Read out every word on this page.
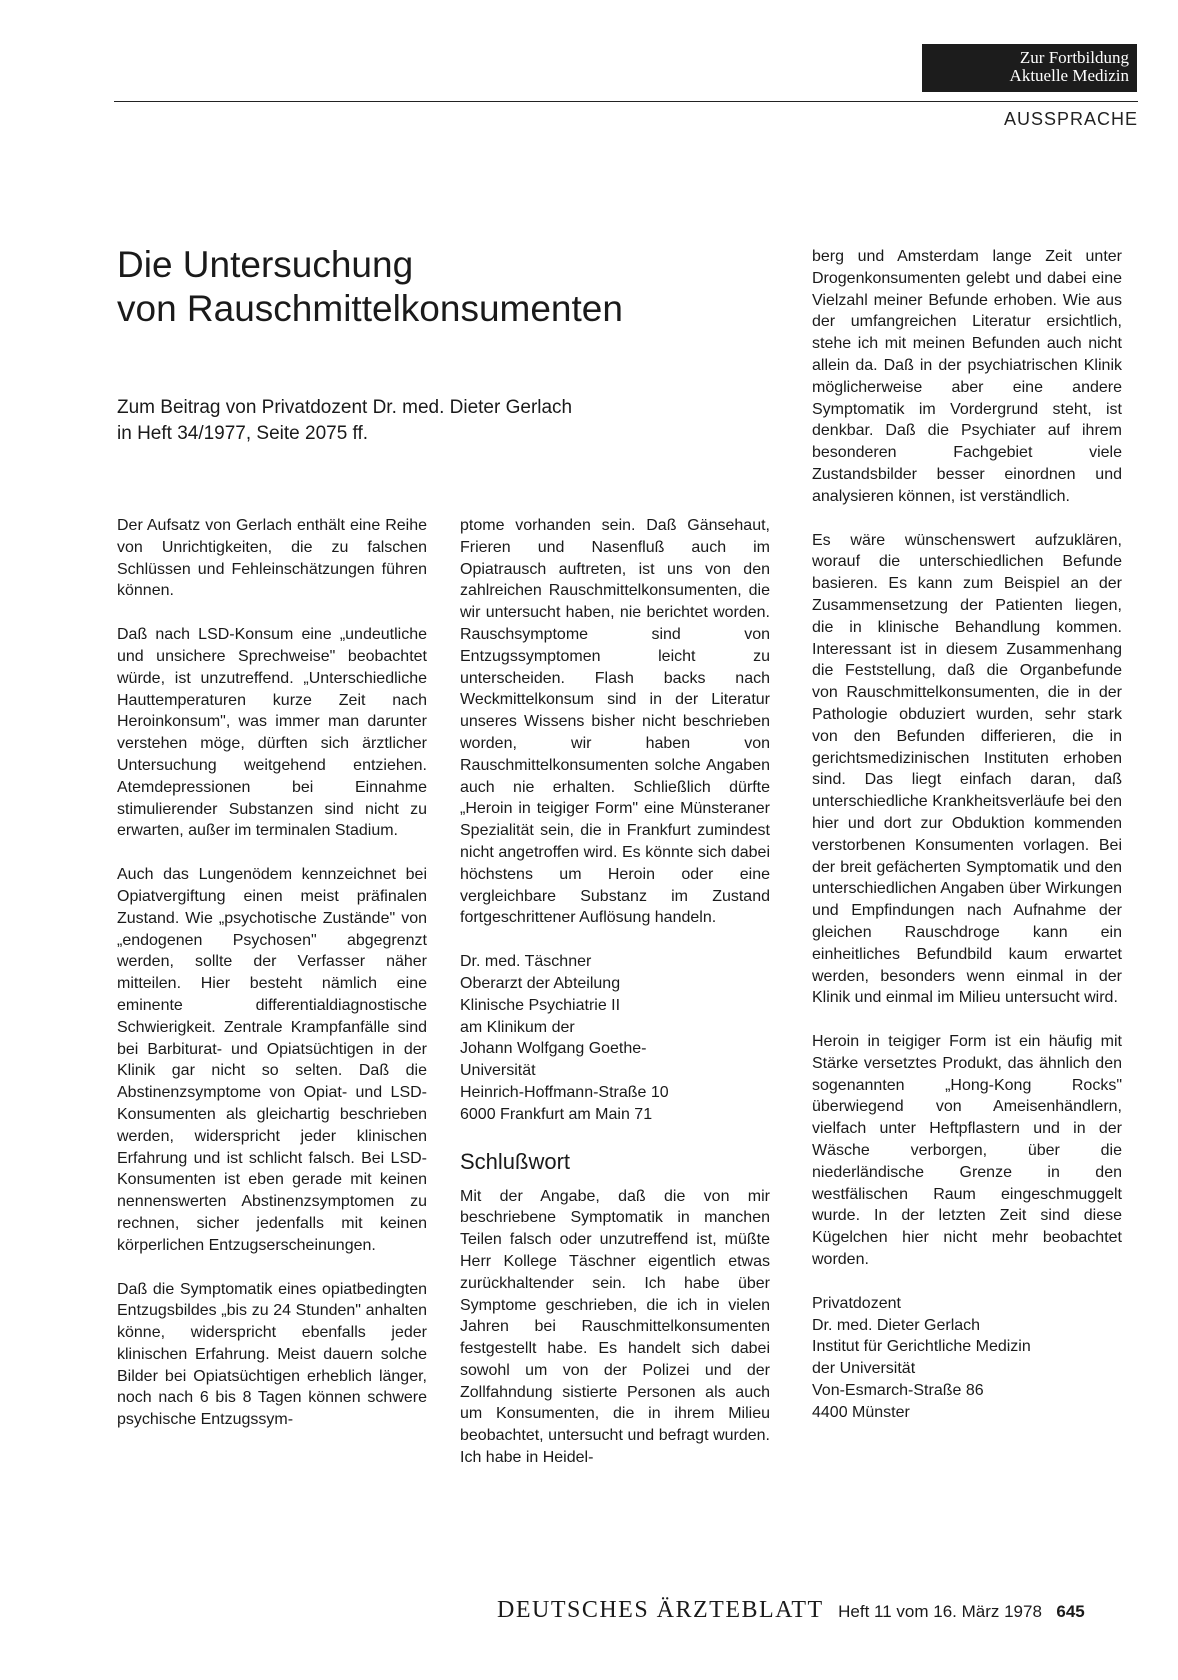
Zur Fortbildung
Aktuelle Medizin
AUSSPRACHE
Die Untersuchung
von Rauschmittelkonsumenten

Zum Beitrag von Privatdozent Dr. med. Dieter Gerlach
in Heft 34/1977, Seite 2075 ff.

Der Aufsatz von Gerlach enthält eine Reihe von Unrichtigkeiten, die zu falschen Schlüssen und Fehleinschätzungen führen können.

Daß nach LSD-Konsum eine „undeutliche und unsichere Sprechweise" beobachtet würde, ist unzutreffend. „Unterschiedliche Hauttemperaturen kurze Zeit nach Heroinkonsum", was immer man darunter verstehen möge, dürften sich ärztlicher Untersuchung weitgehend entziehen. Atemdepressionen bei Einnahme stimulierender Substanzen sind nicht zu erwarten, außer im terminalen Stadium.

Auch das Lungenödem kennzeichnet bei Opiatvergiftung einen meist präfinalen Zustand. Wie „psychotische Zustände" von „endogenen Psychosen" abgegrenzt werden, sollte der Verfasser näher mitteilen. Hier besteht nämlich eine eminente differentialdiagnostische Schwierigkeit. Zentrale Krampfanfälle sind bei Barbiturat- und Opiatsüchtigen in der Klinik gar nicht so selten. Daß die Abstinenzsymptome von Opiat- und LSD-Konsumenten als gleichartig beschrieben werden, widerspricht jeder klinischen Erfahrung und ist schlicht falsch. Bei LSD-Konsumenten ist eben gerade mit keinen nennenswerten Abstinenzsymptomen zu rechnen, sicher jedenfalls mit keinen körperlichen Entzugserscheinungen.

Daß die Symptomatik eines opiatbedingten Entzugsbildes „bis zu 24 Stunden" anhalten könne, widerspricht ebenfalls jeder klinischen Erfahrung. Meist dauern solche Bilder bei Opiatsüchtigen erheblich länger, noch nach 6 bis 8 Tagen können schwere psychische Entzugssym-

ptome vorhanden sein. Daß Gänsehaut, Frieren und Nasenfluß auch im Opiatrausch auftreten, ist uns von den zahlreichen Rauschmittelkonsumenten, die wir untersucht haben, nie berichtet worden. Rauschsymptome sind von Entzugssymptomen leicht zu unterscheiden. Flash backs nach Weckmittelkonsum sind in der Literatur unseres Wissens bisher nicht beschrieben worden, wir haben von Rauschmittelkonsumenten solche Angaben auch nie erhalten. Schließlich dürfte „Heroin in teigiger Form" eine Münsteraner Spezialität sein, die in Frankfurt zumindest nicht angetroffen wird. Es könnte sich dabei höchstens um Heroin oder eine vergleichbare Substanz im Zustand fortgeschrittener Auflösung handeln.

Dr. med. Täschner
Oberarzt der Abteilung
Klinische Psychiatrie II
am Klinikum der
Johann Wolfgang Goethe-
Universität
Heinrich-Hoffmann-Straße 10
6000 Frankfurt am Main 71

Schlußwort

Mit der Angabe, daß die von mir beschriebene Symptomatik in manchen Teilen falsch oder unzutreffend ist, müßte Herr Kollege Täschner eigentlich etwas zurückhaltender sein. Ich habe über Symptome geschrieben, die ich in vielen Jahren bei Rauschmittelkonsumenten festgestellt habe. Es handelt sich dabei sowohl um von der Polizei und der Zollfahndung sistierte Personen als auch um Konsumenten, die in ihrem Milieu beobachtet, untersucht und befragt wurden. Ich habe in Heidel-

berg und Amsterdam lange Zeit unter Drogenkonsumenten gelebt und dabei eine Vielzahl meiner Befunde erhoben. Wie aus der umfangreichen Literatur ersichtlich, stehe ich mit meinen Befunden auch nicht allein da. Daß in der psychiatrischen Klinik möglicherweise aber eine andere Symptomatik im Vordergrund steht, ist denkbar. Daß die Psychiater auf ihrem besonderen Fachgebiet viele Zustandsbilder besser einordnen und analysieren können, ist verständlich.

Es wäre wünschenswert aufzuklären, worauf die unterschiedlichen Befunde basieren. Es kann zum Beispiel an der Zusammensetzung der Patienten liegen, die in klinische Behandlung kommen. Interessant ist in diesem Zusammenhang die Feststellung, daß die Organbefunde von Rauschmittelkonsumenten, die in der Pathologie obduziert wurden, sehr stark von den Befunden differieren, die in gerichtsmedizinischen Instituten erhoben sind. Das liegt einfach daran, daß unterschiedliche Krankheitsverläufe bei den hier und dort zur Obduktion kommenden verstorbenen Konsumenten vorlagen. Bei der breit gefächerten Symptomatik und den unterschiedlichen Angaben über Wirkungen und Empfindungen nach Aufnahme der gleichen Rauschdroge kann ein einheitliches Befundbild kaum erwartet werden, besonders wenn einmal in der Klinik und einmal im Milieu untersucht wird.

Heroin in teigiger Form ist ein häufig mit Stärke versetztes Produkt, das ähnlich den sogenannten „Hong-Kong Rocks" überwiegend von Ameisenhändlern, vielfach unter Heftpflastern und in der Wäsche verborgen, über die niederländische Grenze in den westfälischen Raum eingeschmuggelt wurde. In der letzten Zeit sind diese Kügelchen hier nicht mehr beobachtet worden.

Privatdozent
Dr. med. Dieter Gerlach
Institut für Gerichtliche Medizin
der Universität
Von-Esmarch-Straße 86
4400 Münster

DEUTSCHES ÄRZTEBLATT Heft 11 vom 16. März 1978 645
